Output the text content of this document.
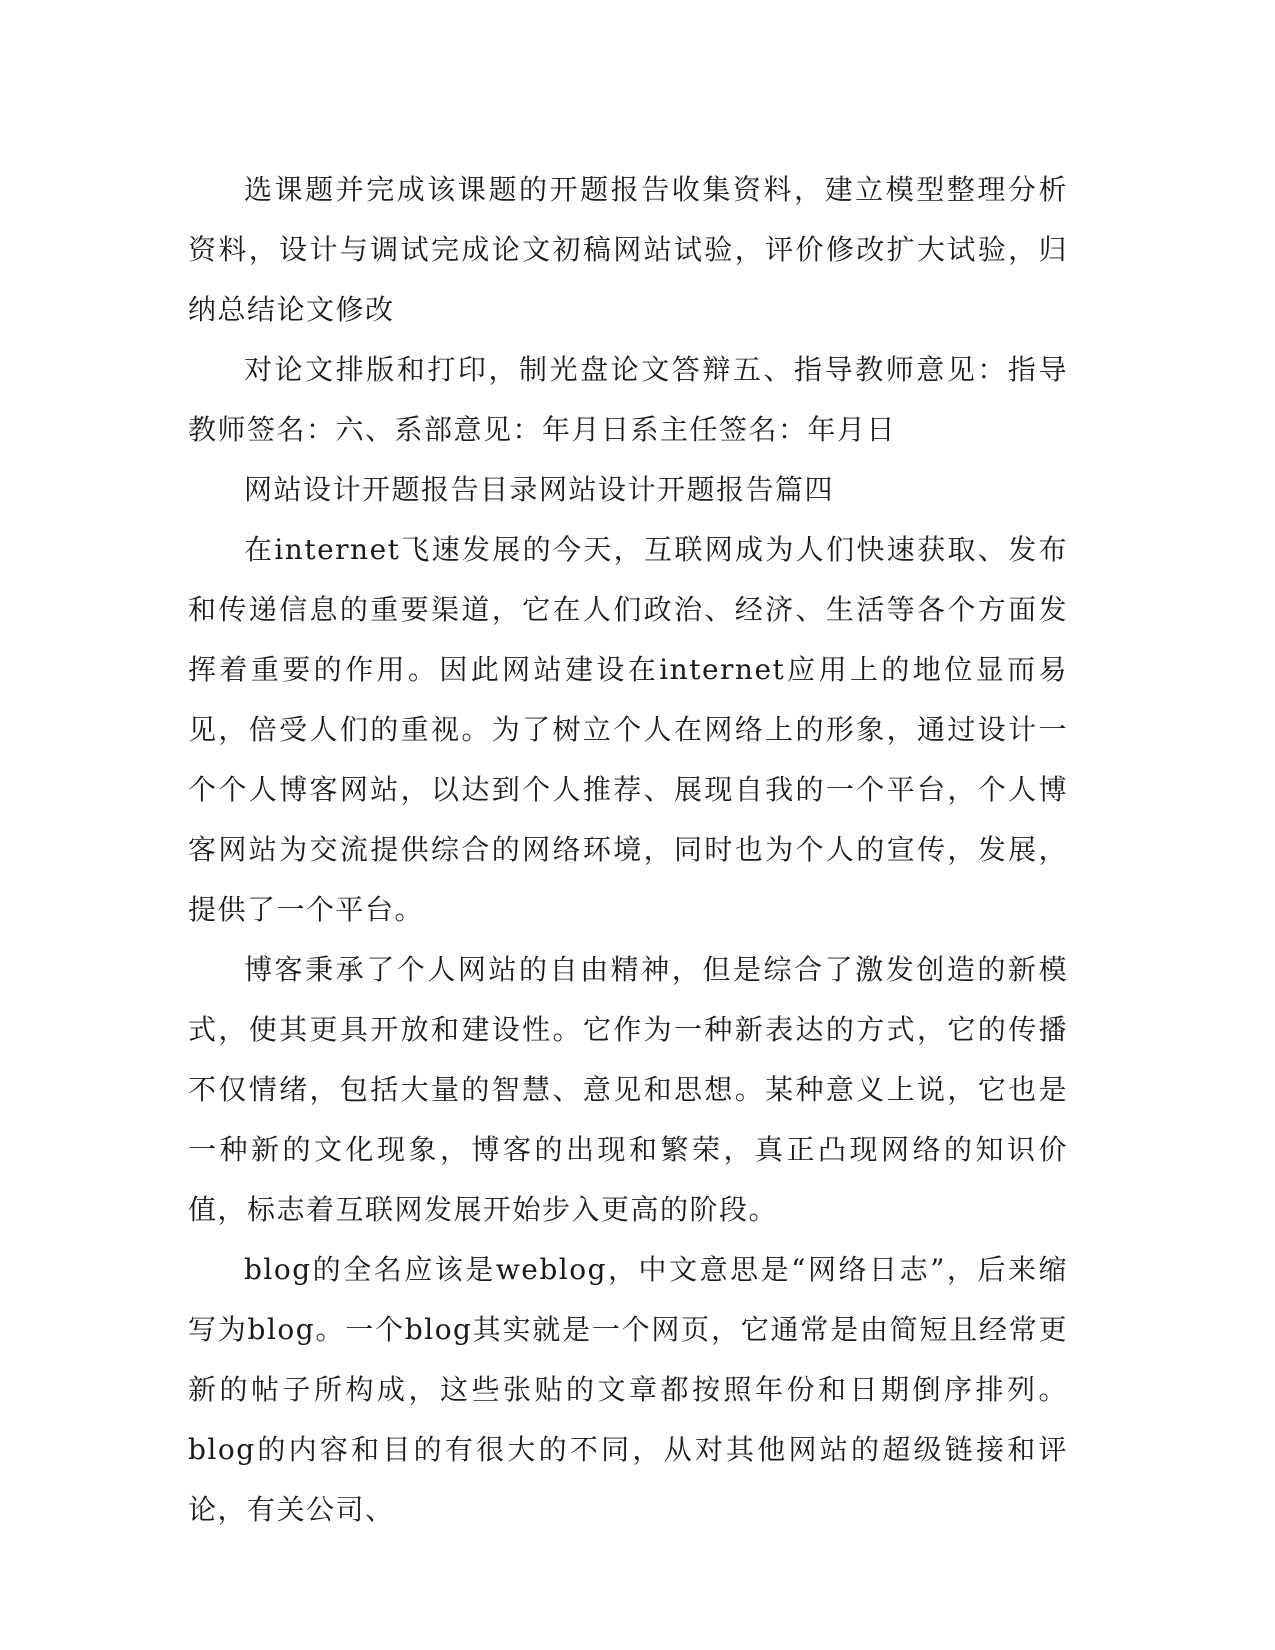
选课题并完成该课题的开题报告收集资料，建立模型整理分析资料，设计与调试完成论文初稿网站试验，评价修改扩大试验，归纳总结论文修改

对论文排版和打印，制光盘论文答辩五、指导教师意见：指导教师签名：六、系部意见：年月日系主任签名：年月日

网站设计开题报告目录网站设计开题报告篇四

在internet飞速发展的今天，互联网成为人们快速获取、发布和传递信息的重要渠道，它在人们政治、经济、生活等各个方面发挥着重要的作用。因此网站建设在internet应用上的地位显而易见，倍受人们的重视。为了树立个人在网络上的形象，通过设计一个个人博客网站，以达到个人推荐、展现自我的一个平台，个人博客网站为交流提供综合的网络环境，同时也为个人的宣传，发展，提供了一个平台。

博客秉承了个人网站的自由精神，但是综合了激发创造的新模式，使其更具开放和建设性。它作为一种新表达的方式，它的传播不仅情绪，包括大量的智慧、意见和思想。某种意义上说，它也是一种新的文化现象，博客的出现和繁荣，真正凸现网络的知识价值，标志着互联网发展开始步入更高的阶段。

blog的全名应该是weblog，中文意思是“网络日志”，后来缩写为blog。一个blog其实就是一个网页，它通常是由简短且经常更新的帖子所构成，这些张贴的文章都按照年份和日期倒序排列。blog的内容和目的有很大的不同，从对其他网站的超级链接和评论，有关公司、
